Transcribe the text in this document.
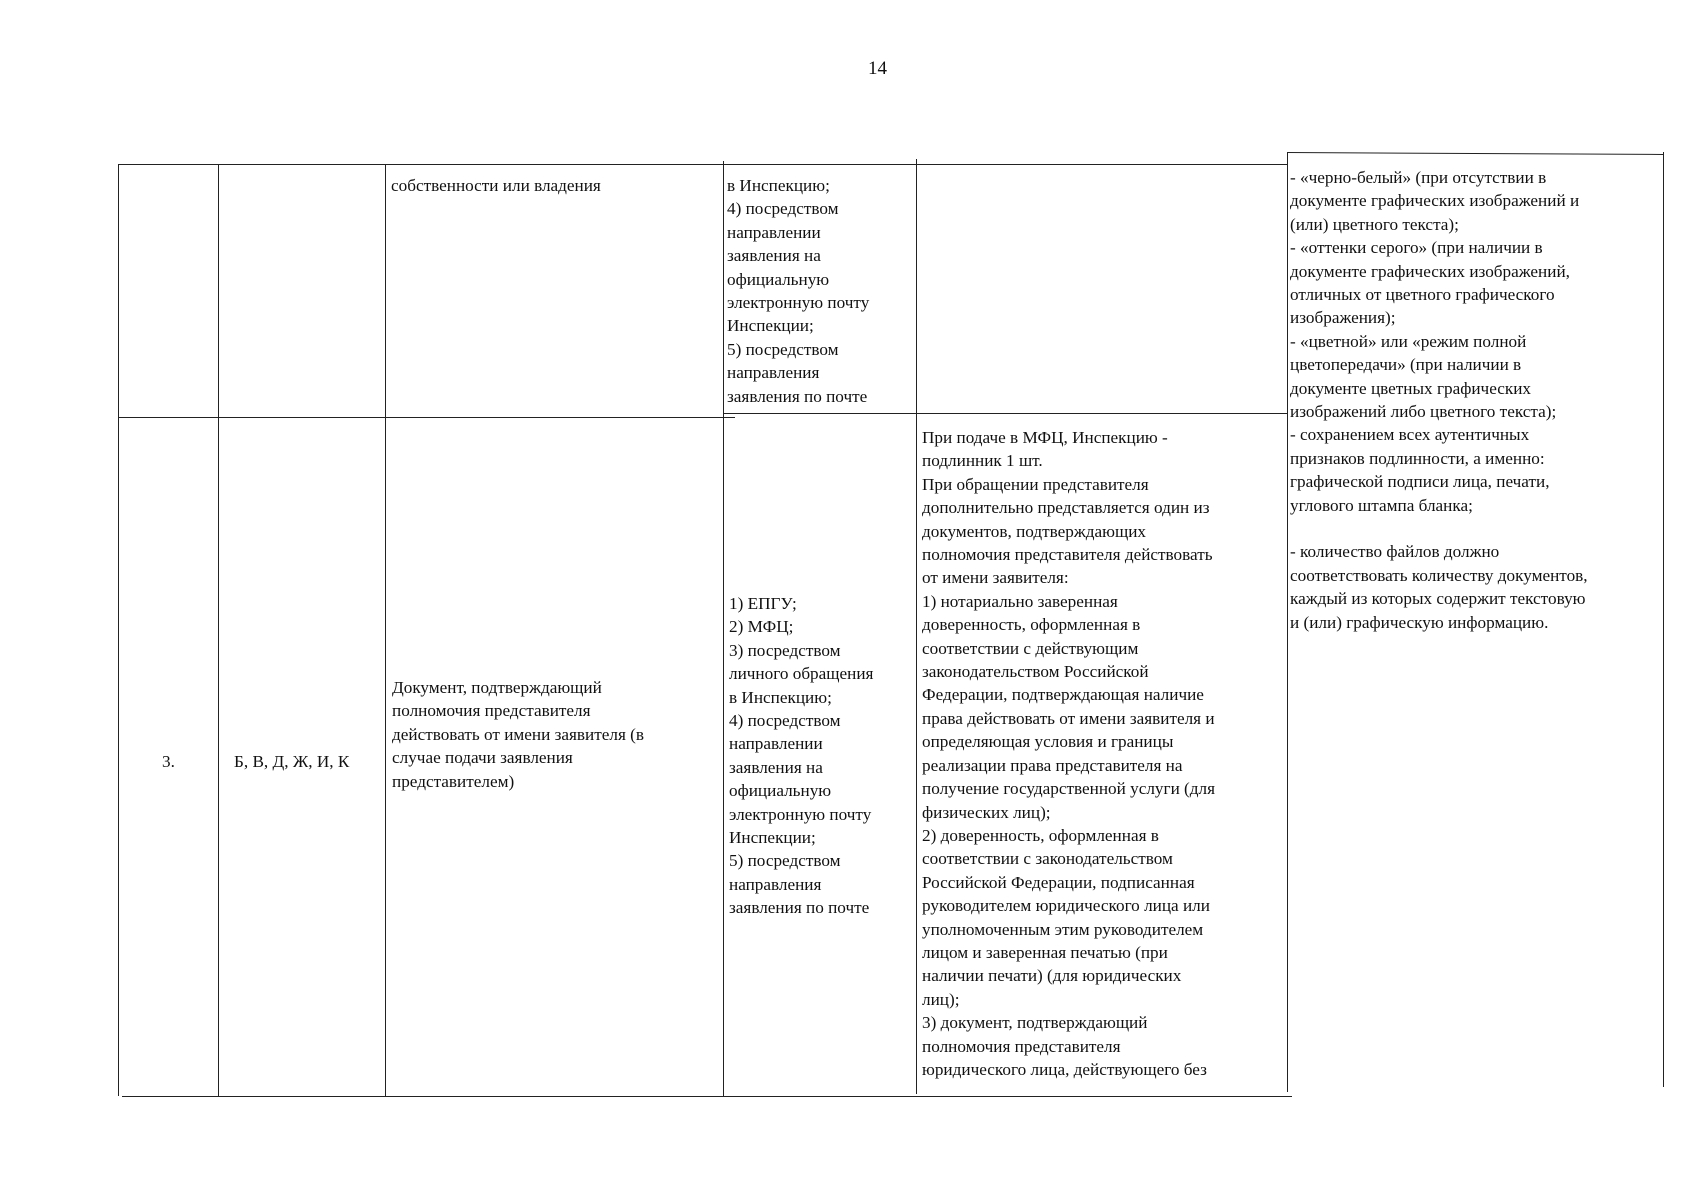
14
собственности или владения	в Инспекцию;
4) посредством
направлении
заявления на
официальную
электронную почту
Инспекции;
5) посредством
направления
заявления по почте
3.	Б, В, Д, Ж, И, К
Документ, подтверждающий
полномочия представителя
действовать от имени заявителя (в
случае подачи заявления
представителем)
1) ЕПГУ;
2) МФЦ;
3) посредством
личного обращения
в Инспекцию;
4) посредством
направлении
заявления на
официальную
электронную почту
Инспекции;
5) посредством
направления
заявления по почте
При подаче в МФЦ, Инспекцию -
подлинник 1 шт.
При обращении представителя
дополнительно представляется один из
документов, подтверждающих
полномочия представителя действовать
от имени заявителя:
1) нотариально заверенная
доверенность, оформленная в
соответствии с действующим
законодательством Российской
Федерации, подтверждающая наличие
права действовать от имени заявителя и
определяющая условия и границы
реализации права представителя на
получение государственной услуги (для
физических лиц);
2) доверенность, оформленная в
соответствии с законодательством
Российской Федерации, подписанная
руководителем юридического лица или
уполномоченным этим руководителем
лицом и заверенная печатью (при
наличии печати) (для юридических
лиц);
3) документ, подтверждающий
полномочия представителя
юридического лица, действующего без

- «черно-белый» (при отсутствии в
документе графических изображений и
(или) цветного текста);
- «оттенки серого» (при наличии в
документе графических изображений,
отличных от цветного графического
изображения);
- «цветной» или «режим полной
цветопередачи» (при наличии в
документе цветных графических
изображений либо цветного текста);
- сохранением всех аутентичных
признаков подлинности, а именно:
графической подписи лица, печати,
углового штампа бланка;

- количество файлов должно
соответствовать количеству документов,
каждый из которых содержит текстовую
и (или) графическую информацию.
